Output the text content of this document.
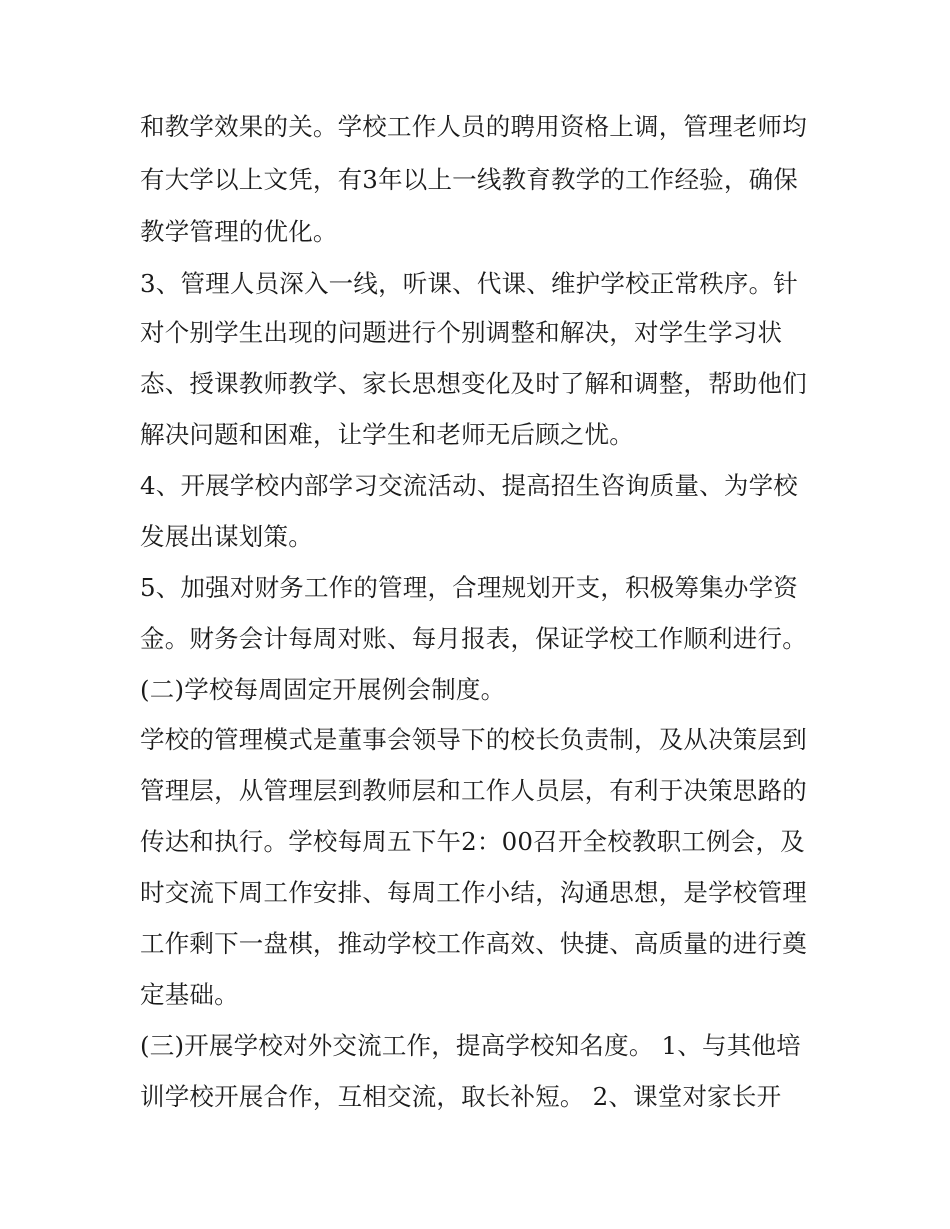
和教学效果的关。学校工作人员的聘用资格上调，管理老师均
有大学以上文凭，有3年以上一线教育教学的工作经验，确保
教学管理的优化。
3、管理人员深入一线，听课、代课、维护学校正常秩序。针
对个别学生出现的问题进行个别调整和解决，对学生学习状
态、授课教师教学、家长思想变化及时了解和调整，帮助他们
解决问题和困难，让学生和老师无后顾之忧。
4、开展学校内部学习交流活动、提高招生咨询质量、为学校
发展出谋划策。
5、加强对财务工作的管理，合理规划开支，积极筹集办学资
金。财务会计每周对账、每月报表，保证学校工作顺利进行。
(二)学校每周固定开展例会制度。
学校的管理模式是董事会领导下的校长负责制，及从决策层到
管理层，从管理层到教师层和工作人员层，有利于决策思路的
传达和执行。学校每周五下午2：00召开全校教职工例会，及
时交流下周工作安排、每周工作小结，沟通思想，是学校管理
工作剩下一盘棋，推动学校工作高效、快捷、高质量的进行奠
定基础。
(三)开展学校对外交流工作，提高学校知名度。 1、与其他培
训学校开展合作，互相交流，取长补短。 2、课堂对家长开
